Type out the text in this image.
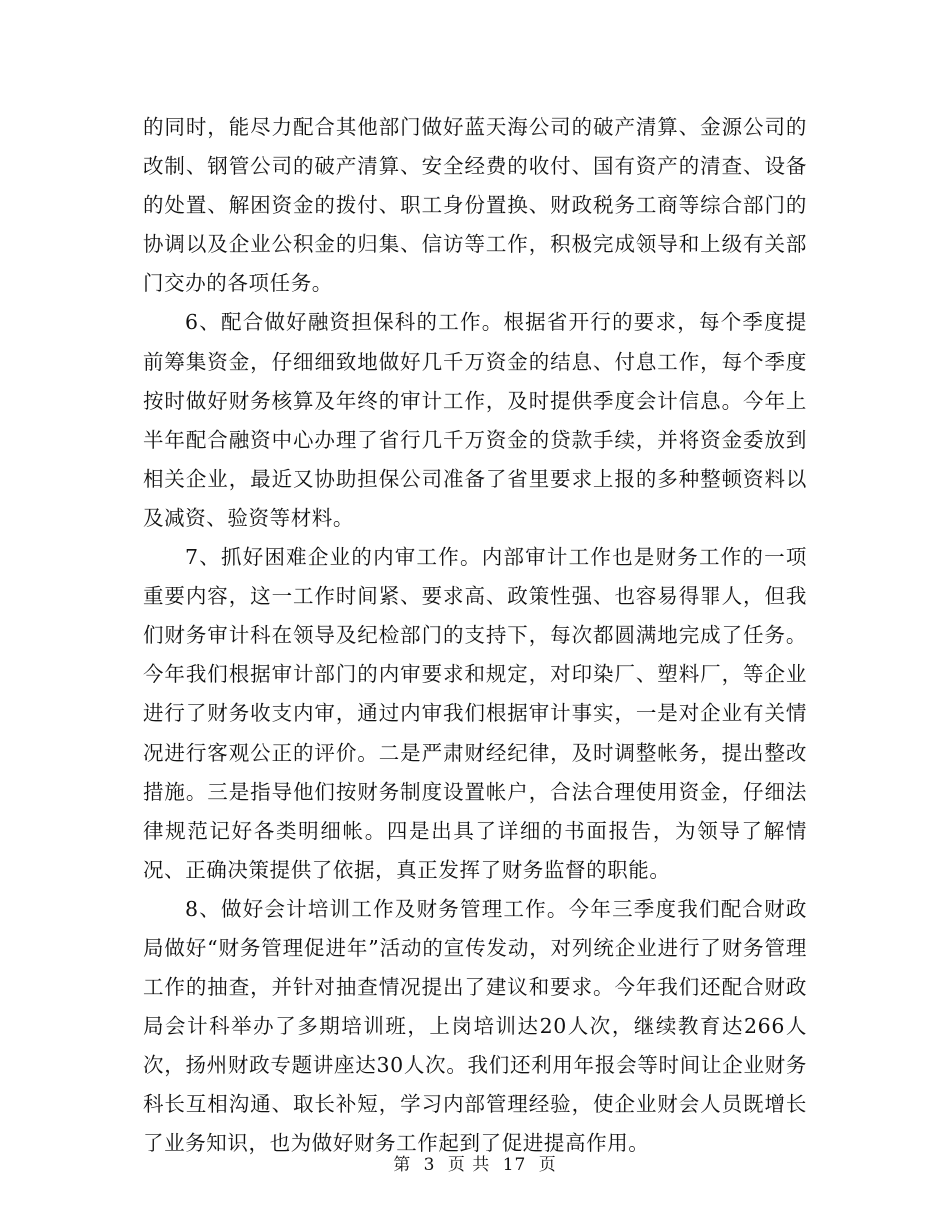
的同时，能尽力配合其他部门做好蓝天海公司的破产清算、金源公司的改制、钢管公司的破产清算、安全经费的收付、国有资产的清查、设备的处置、解困资金的拨付、职工身份置换、财政税务工商等综合部门的协调以及企业公积金的归集、信访等工作，积极完成领导和上级有关部门交办的各项任务。

6、配合做好融资担保科的工作。根据省开行的要求，每个季度提前筹集资金，仔细细致地做好几千万资金的结息、付息工作，每个季度按时做好财务核算及年终的审计工作，及时提供季度会计信息。今年上半年配合融资中心办理了省行几千万资金的贷款手续，并将资金委放到相关企业，最近又协助担保公司准备了省里要求上报的多种整顿资料以及减资、验资等材料。

7、抓好困难企业的内审工作。内部审计工作也是财务工作的一项重要内容，这一工作时间紧、要求高、政策性强、也容易得罪人，但我们财务审计科在领导及纪检部门的支持下，每次都圆满地完成了任务。今年我们根据审计部门的内审要求和规定，对印染厂、塑料厂，等企业进行了财务收支内审，通过内审我们根据审计事实，一是对企业有关情况进行客观公正的评价。二是严肃财经纪律，及时调整帐务，提出整改措施。三是指导他们按财务制度设置帐户，合法合理使用资金，仔细法律规范记好各类明细帐。四是出具了详细的书面报告，为领导了解情况、正确决策提供了依据，真正发挥了财务监督的职能。

8、做好会计培训工作及财务管理工作。今年三季度我们配合财政局做好“财务管理促进年”活动的宣传发动，对列统企业进行了财务管理工作的抽查，并针对抽查情况提出了建议和要求。今年我们还配合财政局会计科举办了多期培训班，上岗培训达20人次，继续教育达266人次，扬州财政专题讲座达30人次。我们还利用年报会等时间让企业财务科长互相沟通、取长补短，学习内部管理经验，使企业财会人员既增长了业务知识，也为做好财务工作起到了促进提高作用。

第 3 页 共 17 页
